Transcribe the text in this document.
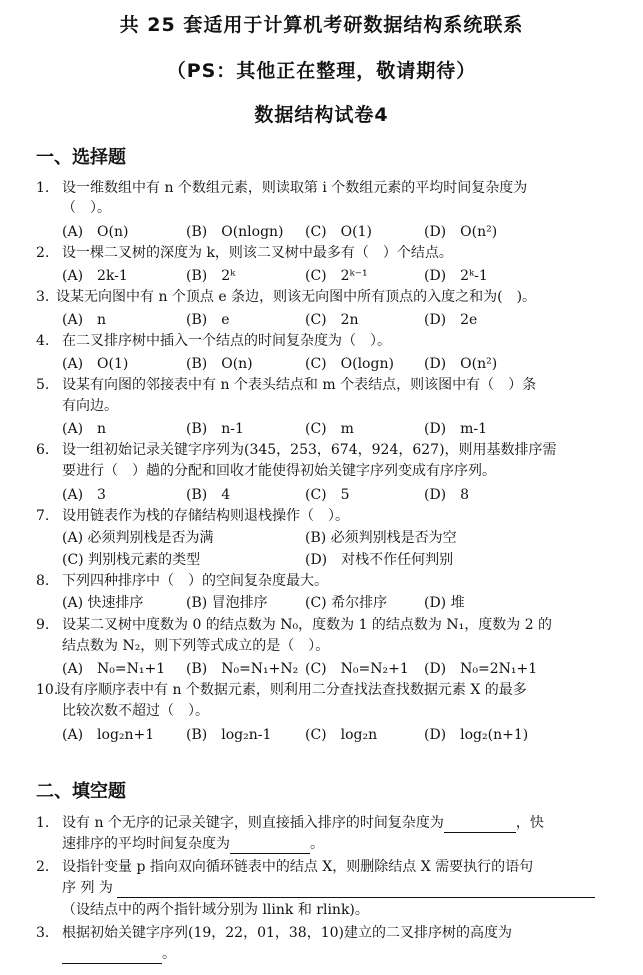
共 25 套适用于计算机考研数据结构系统联系
（PS：其他正在整理，敬请期待）
数据结构试卷4
一、选择题
1. 设一维数组中有 n 个数组元素，则读取第 i 个数组元素的平均时间复杂度为
（　）。
(A)　O(n)	(B)　O(nlogn) (C)　O(1)	(D)　O(n²)
2. 设一棵二叉树的深度为 k，则该二叉树中最多有（　）个结点。
(A)　2k-1	(B)　2ᵏ	(C)　2ᵏ⁻¹	(D)　2ᵏ-1
3. 设某无向图中有 n 个顶点 e 条边，则该无向图中所有顶点的入度之和为(　)。
(A)　n	(B)　e	(C)　2n	(D)　2e
4. 在二叉排序树中插入一个结点的时间复杂度为（　）。
(A)　O(1)	(B)　O(n)	(C)　O(logn) (D)　O(n²)
5. 设某有向图的邻接表中有 n 个表头结点和 m 个表结点，则该图中有（　）条
有向边。
(A)　n	(B)　n-1	(C)　m	(D)　m-1
6. 设一组初始记录关键字序列为(345，253，674，924，627)，则用基数排序需
要进行（　）趟的分配和回收才能使得初始关键字序列变成有序序列。
(A)　3	(B)　4	(C)　5	(D)　8
7. 设用链表作为栈的存储结构则退栈操作（　）。
(A) 必须判别栈是否为满	(B) 必须判别栈是否为空
(C) 判别栈元素的类型	(D)　对栈不作任何判别
8. 下列四种排序中（　）的空间复杂度最大。
(A) 快速排序	(B) 冒泡排序	(C) 希尔排序	(D) 堆
9. 设某二叉树中度数为 0 的结点数为 N₀，度数为 1 的结点数为 N₁，度数为 2 的
结点数为 N₂，则下列等式成立的是（　）。
(A)　N₀=N₁+1 (B)　N₀=N₁+N₂ (C)　N₀=N₂+1 (D)　N₀=2N₁+1
10.
设有序顺序表中有 n 个数据元素，则利用二分查找法查找数据元素 X 的最多
比较次数不超过（　）。
(A)　log₂n+1 (B)　log₂n-1 (C)　log₂n	(D)　log₂(n+1)
二、填空题
1. 设有 n 个无序的记录关键字，则直接插入排序的时间复杂度为	，快
速排序的平均时间复杂度为	。
2. 设指针变量 p 指向双向循环链表中的结点 X，则删除结点 X 需要执行的语句
序 列 为
（设结点中的两个指针域分别为 llink 和 rlink)。
3. 根据初始关键字序列(19，22，01，38，10)建立的二叉排序树的高度为
。
